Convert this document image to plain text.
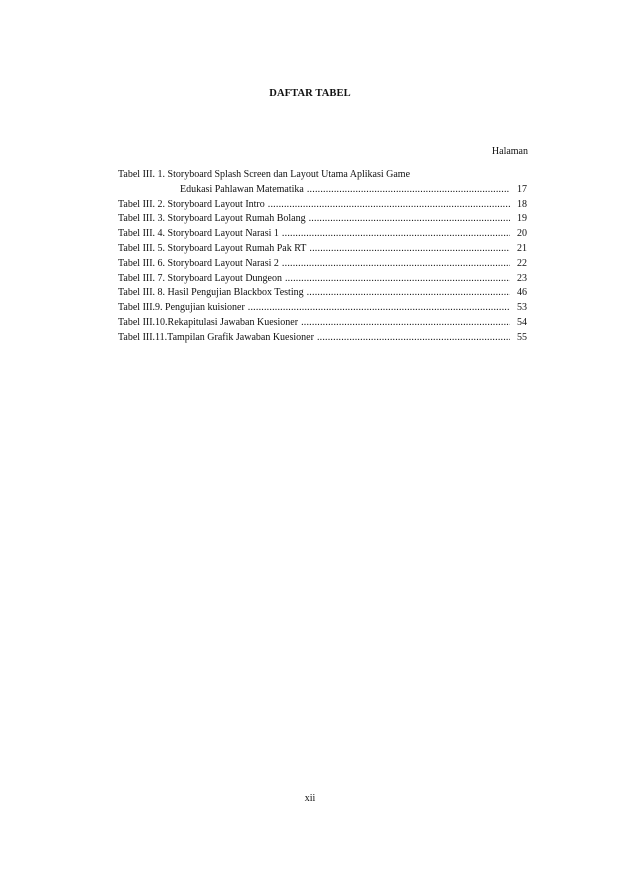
DAFTAR TABEL
Halaman
Tabel III. 1. Storyboard Splash Screen dan Layout Utama Aplikasi Game
Edukasi Pahlawan Matematika .....	17
Tabel III. 2. Storyboard Layout Intro .....	18
Tabel III. 3. Storyboard Layout Rumah Bolang .....	19
Tabel III. 4. Storyboard Layout Narasi 1 .....	20
Tabel III. 5. Storyboard Layout Rumah Pak RT .....	21
Tabel III. 6. Storyboard Layout Narasi 2 .....	22
Tabel III. 7. Storyboard Layout Dungeon .....	23
Tabel III. 8. Hasil Pengujian Blackbox Testing .....	46
Tabel III.9. Pengujian kuisioner .....	53
Tabel III.10.Rekapitulasi Jawaban Kuesioner .....	54
Tabel III.11.Tampilan Grafik Jawaban Kuesioner .....	55
xii
